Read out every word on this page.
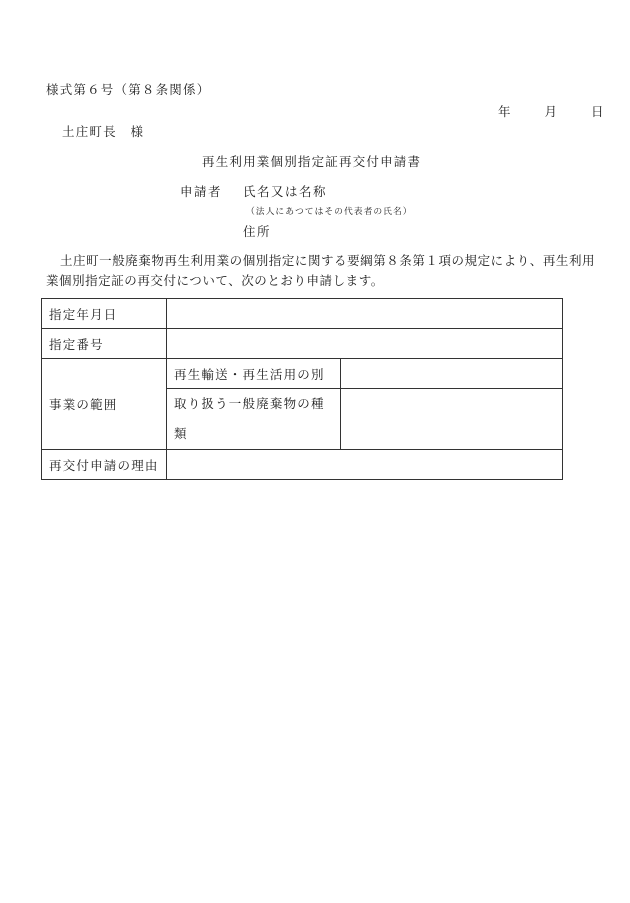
様式第６号（第８条関係）
年	月	日
土庄町長　様
再生利用業個別指定証再交付申請書
申請者 氏名又は名称
（法人にあつてはその代表者の氏名）
住所
土庄町一般廃棄物再生利用業の個別指定に関する要綱第８条第１項の規定により、再生利用業個別指定証の再交付について、次のとおり申請します。
指定年月日		
指定番号		
事業の範囲	再生輸送・再生活用の別	
	取り扱う一般廃棄物の種
類	
再交付申請の理由		
